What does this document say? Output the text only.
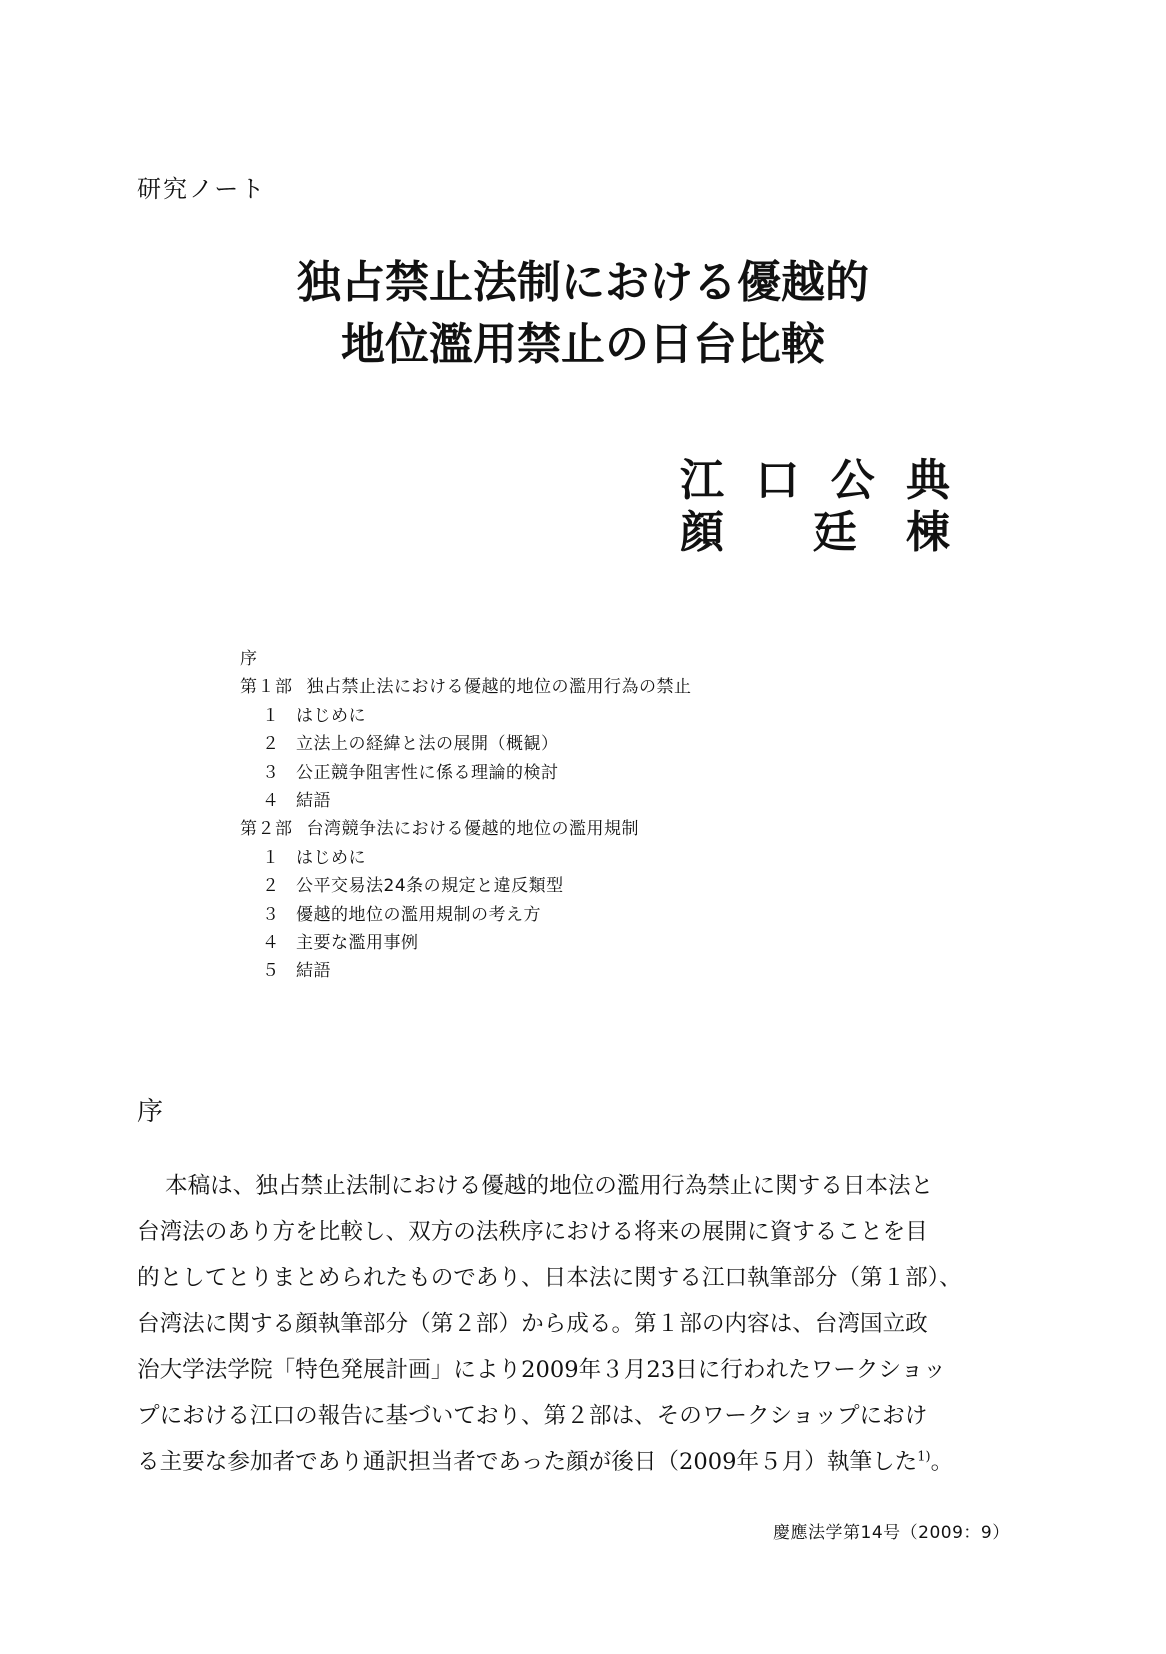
研究ノート
独占禁止法制における優越的
地位濫用禁止の日台比較
江 口 公 典
顔 廷 棟
序
第１部 独占禁止法における優越的地位の濫用行為の禁止
１ はじめに
２ 立法上の経緯と法の展開（概観）
３ 公正競争阻害性に係る理論的検討
４ 結語
第２部 台湾競争法における優越的地位の濫用規制
１ はじめに
２ 公平交易法24条の規定と違反類型
３ 優越的地位の濫用規制の考え方
４ 主要な濫用事例
５ 結語
序
本稿は、独占禁止法制における優越的地位の濫用行為禁止に関する日本法と
台湾法のあり方を比較し、双方の法秩序における将来の展開に資することを目
的としてとりまとめられたものであり、日本法に関する江口執筆部分（第１部）、
台湾法に関する顔執筆部分（第２部）から成る。第１部の内容は、台湾国立政
治大学法学院「特色発展計画」により2009年３月23日に行われたワークショッ
プにおける江口の報告に基づいており、第２部は、そのワークショップにおけ
る主要な参加者であり通訳担当者であった顔が後日（2009年５月）執筆した$^{1)}$。
慶應法学第14号（2009：9）
